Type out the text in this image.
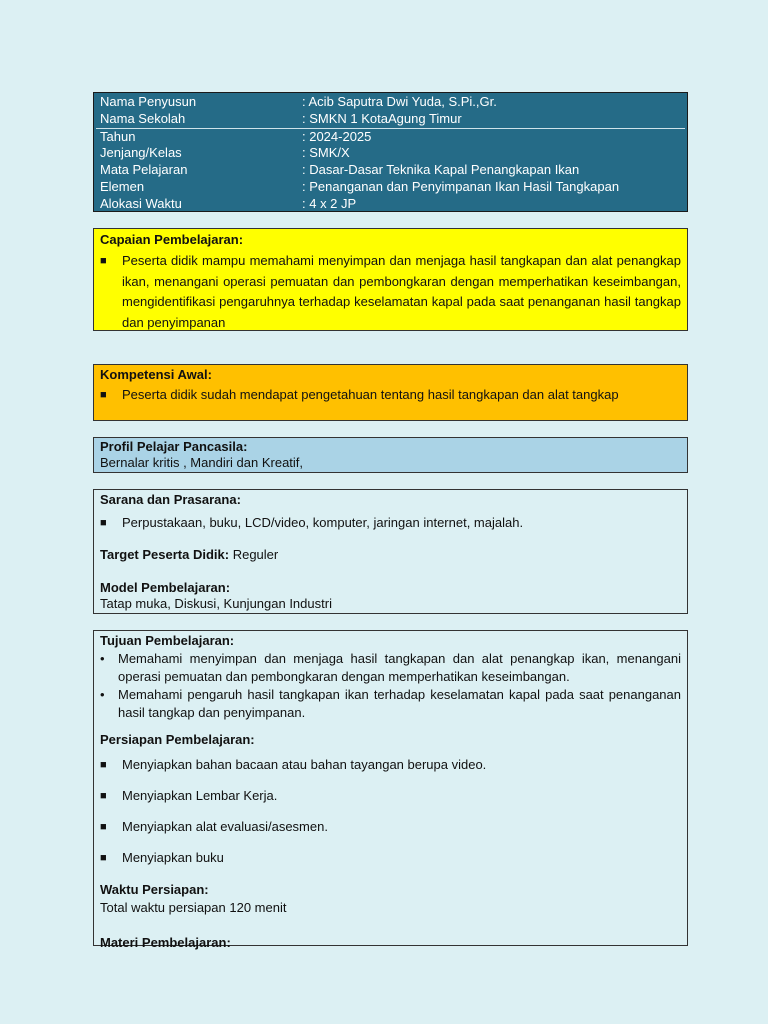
Nama Penyusun	: Acib Saputra Dwi Yuda, S.Pi.,Gr.
Nama Sekolah	: SMKN 1 KotaAgung Timur
Tahun	: 2024-2025
Jenjang/Kelas	: SMK/X
Mata Pelajaran	: Dasar-Dasar Teknika Kapal Penangkapan Ikan
Elemen	: Penanganan dan Penyimpanan Ikan Hasil Tangkapan
Alokasi Waktu	: 4 x 2 JP
Capaian Pembelajaran:
■	Peserta didik mampu memahami menyimpan dan menjaga hasil tangkapan dan alat penangkap ikan, menangani operasi pemuatan dan pembongkaran dengan memperhatikan keseimbangan, mengidentifikasi pengaruhnya terhadap keselamatan kapal pada saat penanganan hasil tangkap dan penyimpanan
Kompetensi Awal:
■	Peserta didik sudah mendapat pengetahuan tentang hasil tangkapan dan alat tangkap
Profil Pelajar Pancasila:
Bernalar kritis , Mandiri dan Kreatif,
Sarana dan Prasarana:
■	Perpustakaan, buku, LCD/video, komputer, jaringan internet, majalah.
Target Peserta Didik: Reguler
Model Pembelajaran:
Tatap muka, Diskusi, Kunjungan Industri
Tujuan Pembelajaran:
•	Memahami menyimpan dan menjaga hasil tangkapan dan alat penangkap ikan, menangani operasi pemuatan dan pembongkaran dengan memperhatikan keseimbangan.
•	Memahami pengaruh hasil tangkapan ikan terhadap keselamatan kapal pada saat penanganan hasil tangkap dan penyimpanan.
Persiapan Pembelajaran:
■	Menyiapkan bahan bacaan atau bahan tayangan berupa video.
■	Menyiapkan Lembar Kerja.
■	Menyiapkan alat evaluasi/asesmen.
■	Menyiapkan buku
Waktu Persiapan:
Total waktu persiapan 120 menit
Materi Pembelajaran:
